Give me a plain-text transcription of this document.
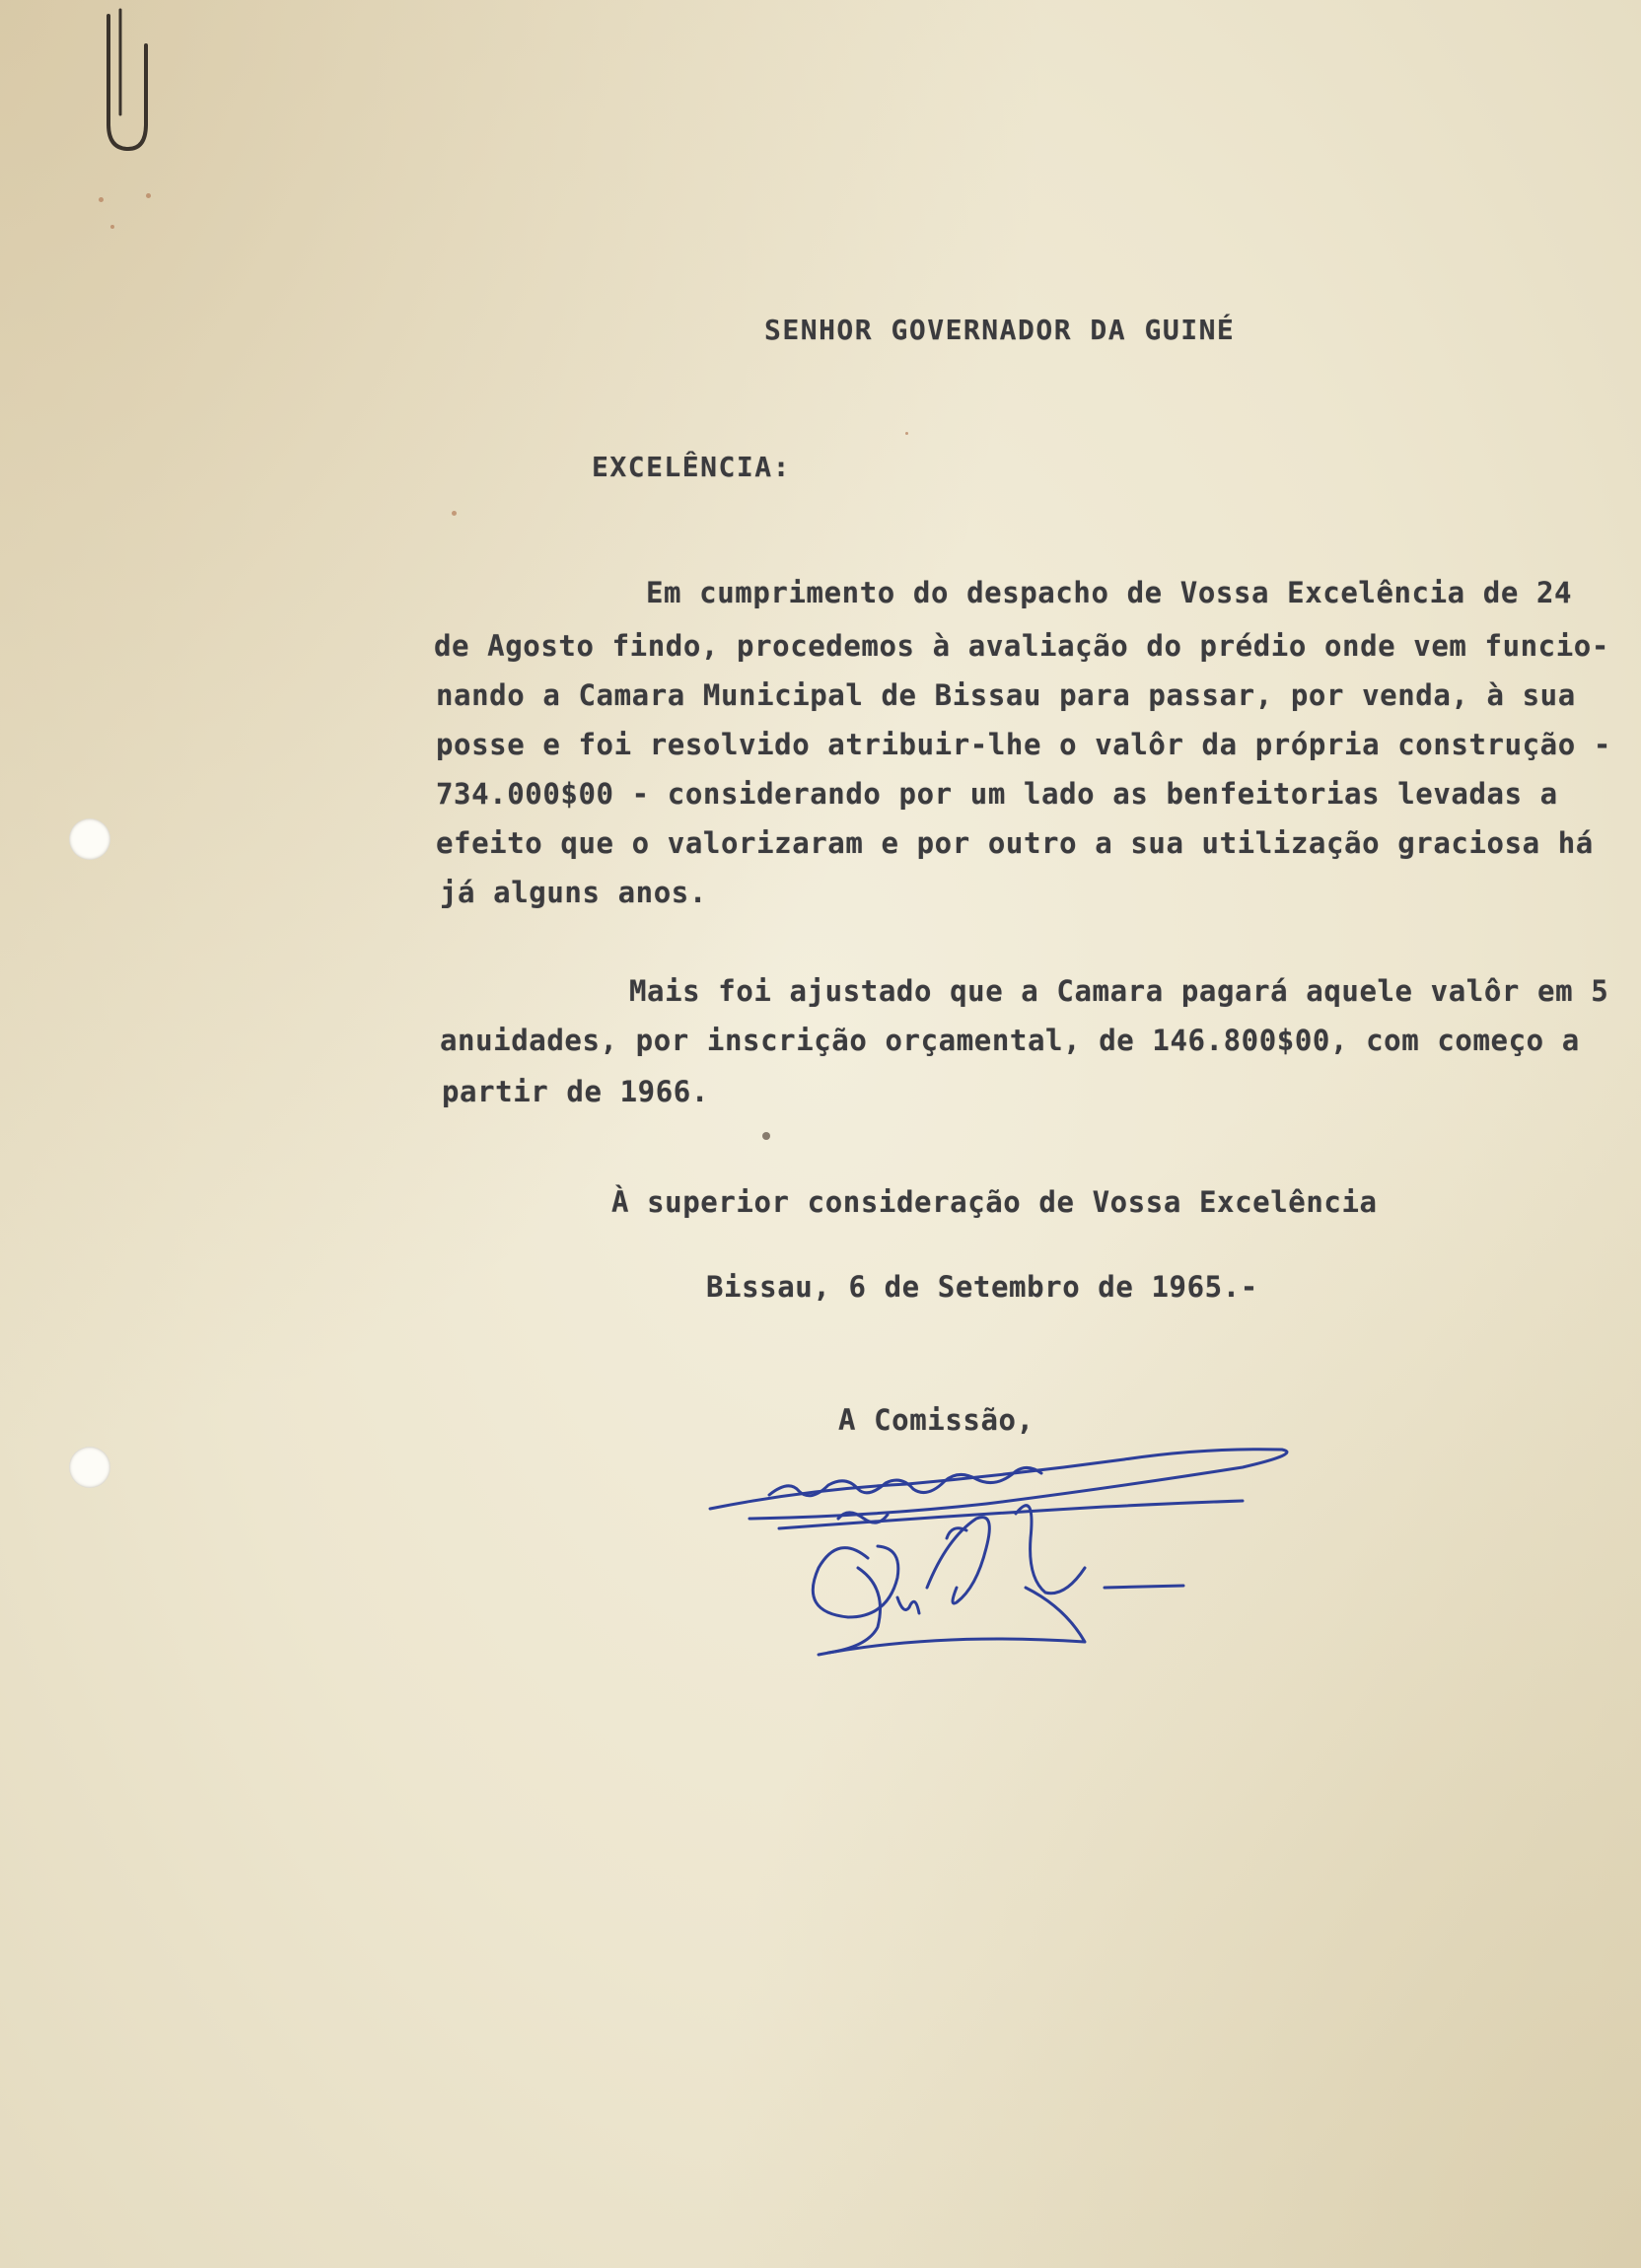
SENHOR GOVERNADOR DA GUINÉ
EXCELÊNCIA:
Em cumprimento do despacho de Vossa Excelência de 24
de Agosto findo, procedemos à avaliação do prédio onde vem funcio-
nando a Camara Municipal de Bissau para passar, por venda, à sua
posse e foi resolvido atribuir-lhe o valôr da própria construção -
734.000$00 - considerando por um lado as benfeitorias levadas a
efeito que o valorizaram e por outro a sua utilização graciosa há
já alguns anos.
Mais foi ajustado que a Camara pagará aquele valôr em 5
anuidades, por inscrição orçamental, de 146.800$00, com começo a
partir de 1966.
À superior consideração de Vossa Excelência
Bissau, 6 de Setembro de 1965.-
A Comissão,
